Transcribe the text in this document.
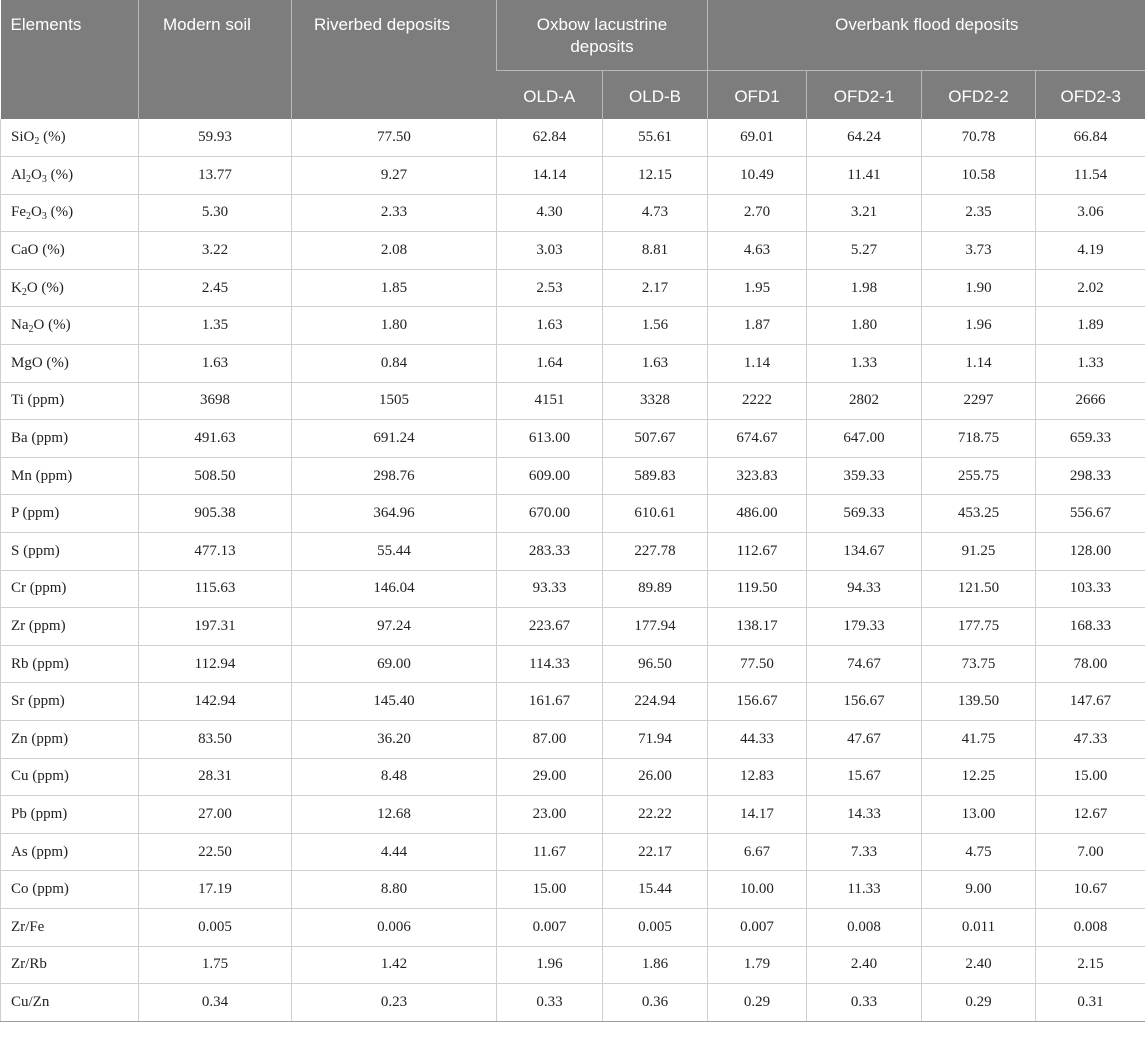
Elements	Modern soil	Riverbed deposits	Oxbow lacustrine deposits		Overbank flood deposits			
			OLD-A	OLD-B	OFD1	OFD2-1	OFD2-2	OFD2-3
SiO$_2$ (%)	59.93	77.50	62.84	55.61	69.01	64.24	70.78	66.84
$Al_2O_3$ (%)	13.77	9.27	14.14	12.15	10.49	11.41	10.58	11.54
$Fe_2O_3$ (%)	5.30	2.33	4.30	4.73	2.70	3.21	2.35	3.06
CaO (%)	3.22	2.08	3.03	8.81	4.63	5.27	3.73	4.19
$K_2O$ (%)	2.45	1.85	2.53	2.17	1.95	1.98	1.90	2.02
$Na_2O$ (%)	1.35	1.80	1.63	1.56	1.87	1.80	1.96	1.89
MgO (%)	1.63	0.84	1.64	1.63	1.14	1.33	1.14	1.33
Ti (ppm)	3698	1505	4151	3328	2222	2802	2297	2666
Ba (ppm)	491.63	691.24	613.00	507.67	674.67	647.00	718.75	659.33
Mn (ppm)	508.50	298.76	609.00	589.83	323.83	359.33	255.75	298.33
P (ppm)	905.38	364.96	670.00	610.61	486.00	569.33	453.25	556.67
S (ppm)	477.13	55.44	283.33	227.78	112.67	134.67	91.25	128.00
Cr (ppm)	115.63	146.04	93.33	89.89	119.50	94.33	121.50	103.33
Zr (ppm)	197.31	97.24	223.67	177.94	138.17	179.33	177.75	168.33
Rb (ppm)	112.94	69.00	114.33	96.50	77.50	74.67	73.75	78.00
Sr (ppm)	142.94	145.40	161.67	224.94	156.67	156.67	139.50	147.67
Zn (ppm)	83.50	36.20	87.00	71.94	44.33	47.67	41.75	47.33
Cu (ppm)	28.31	8.48	29.00	26.00	12.83	15.67	12.25	15.00
Pb (ppm)	27.00	12.68	23.00	22.22	14.17	14.33	13.00	12.67
As (ppm)	22.50	4.44	11.67	22.17	6.67	7.33	4.75	7.00
Co (ppm)	17.19	8.80	15.00	15.44	10.00	11.33	9.00	10.67
Zr/Fe	0.005	0.006	0.007	0.005	0.007	0.008	0.011	0.008
Zr/Rb	1.75	1.42	1.96	1.86	1.79	2.40	2.40	2.15
Cu/Zn	0.34	0.23	0.33	0.36	0.29	0.33	0.29	0.31
